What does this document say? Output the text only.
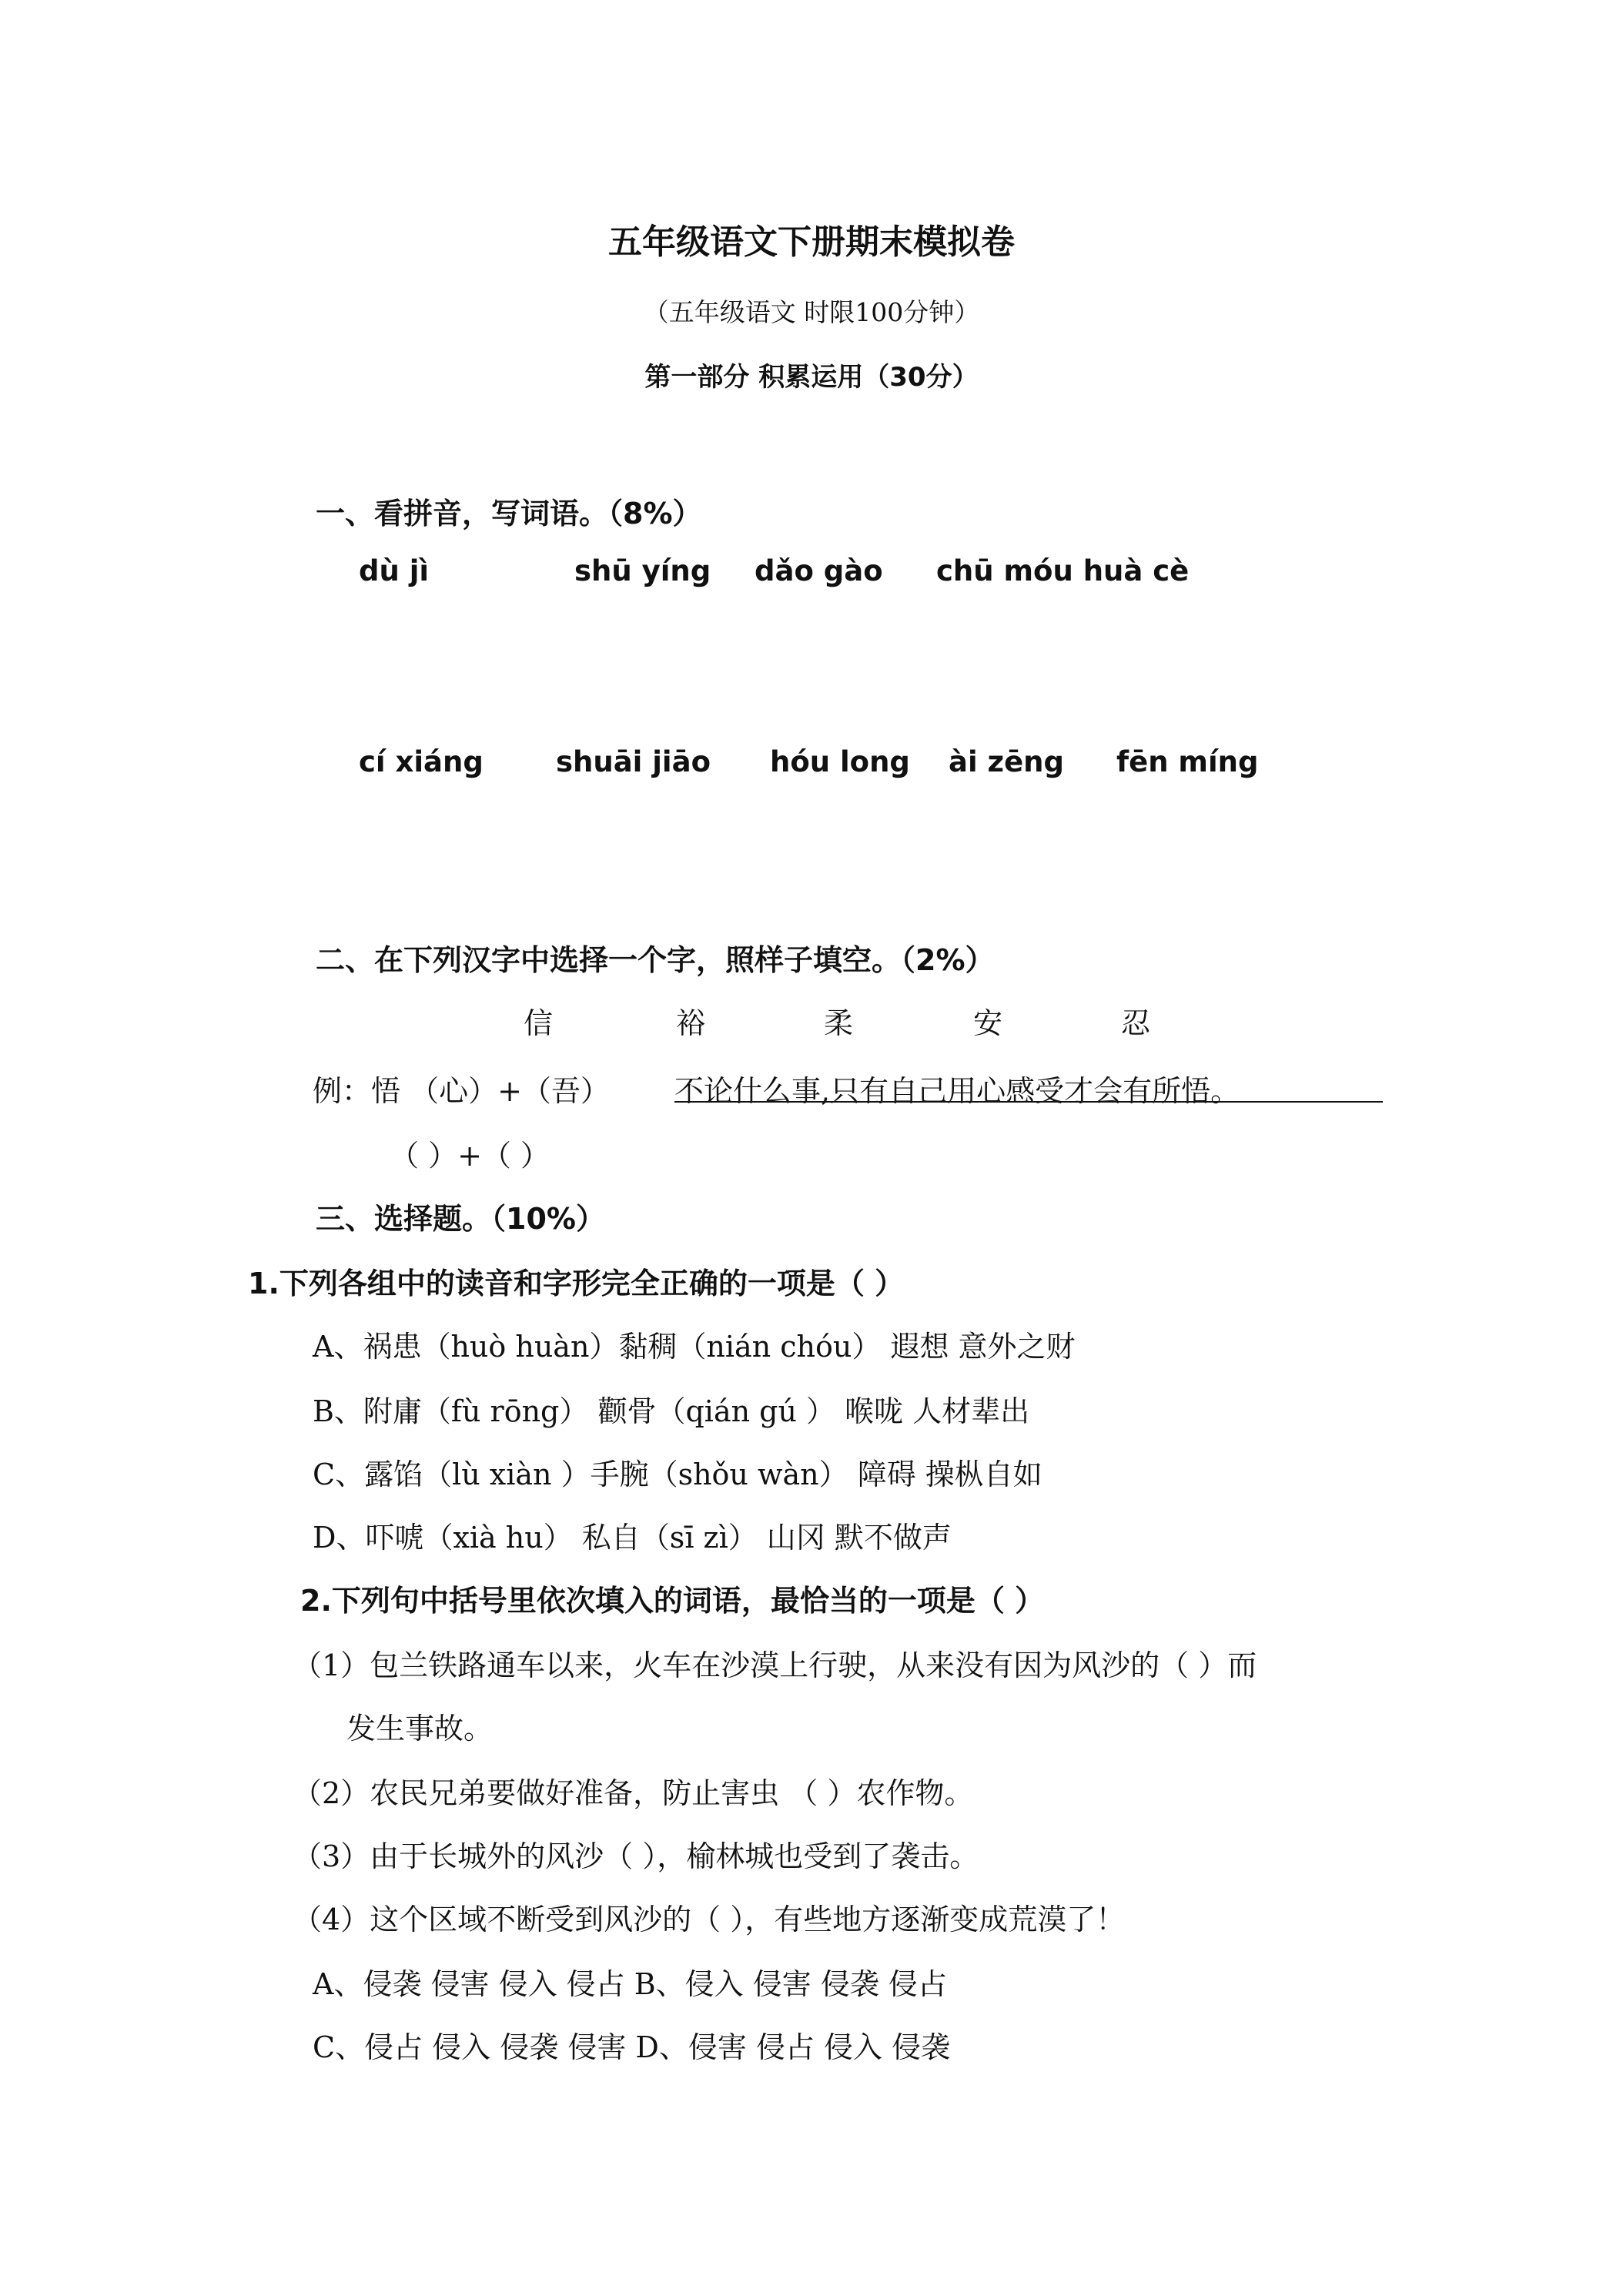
五年级语文下册期末模拟卷
（五年级语文 时限100分钟）
第一部分 积累运用（30分）
一、看拼音，写词语。（8%）
dù jì	shū yíng dǎo gào chū móu huà cè
cí xiáng	shuāi jiāo hóu long ài zēng fēn míng
二、在下列汉字中选择一个字，照样子填空。（2%）
信	裕	柔	安	忍
例：悟 （心）+（吾） 不论什么事,只有自己用心感受才会有所悟。
（ ）+（ ）
三、选择题。（10%）
1.下列各组中的读音和字形完全正确的一项是（ ）
A、祸患（huò huàn）黏稠（nián chóu） 遐想 意外之财
B、附庸（fù rōng） 颧骨（qián gú ） 喉咙 人材辈出
C、露馅（lù xiàn ）手腕（shǒu wàn） 障碍 操枞自如
D、吓唬（xià hu） 私自（sī zì） 山冈 默不做声
2.下列句中括号里依次填入的词语，最恰当的一项是（ ）
（1）包兰铁路通车以来，火车在沙漠上行驶，从来没有因为风沙的（ ）而
发生事故。
（2）农民兄弟要做好准备，防止害虫 （ ）农作物。
（3）由于长城外的风沙（ ），榆林城也受到了袭击。
（4）这个区域不断受到风沙的（ ），有些地方逐渐变成荒漠了！
A、侵袭 侵害 侵入 侵占 B、侵入 侵害 侵袭 侵占
C、侵占 侵入 侵袭 侵害 D、侵害 侵占 侵入 侵袭
